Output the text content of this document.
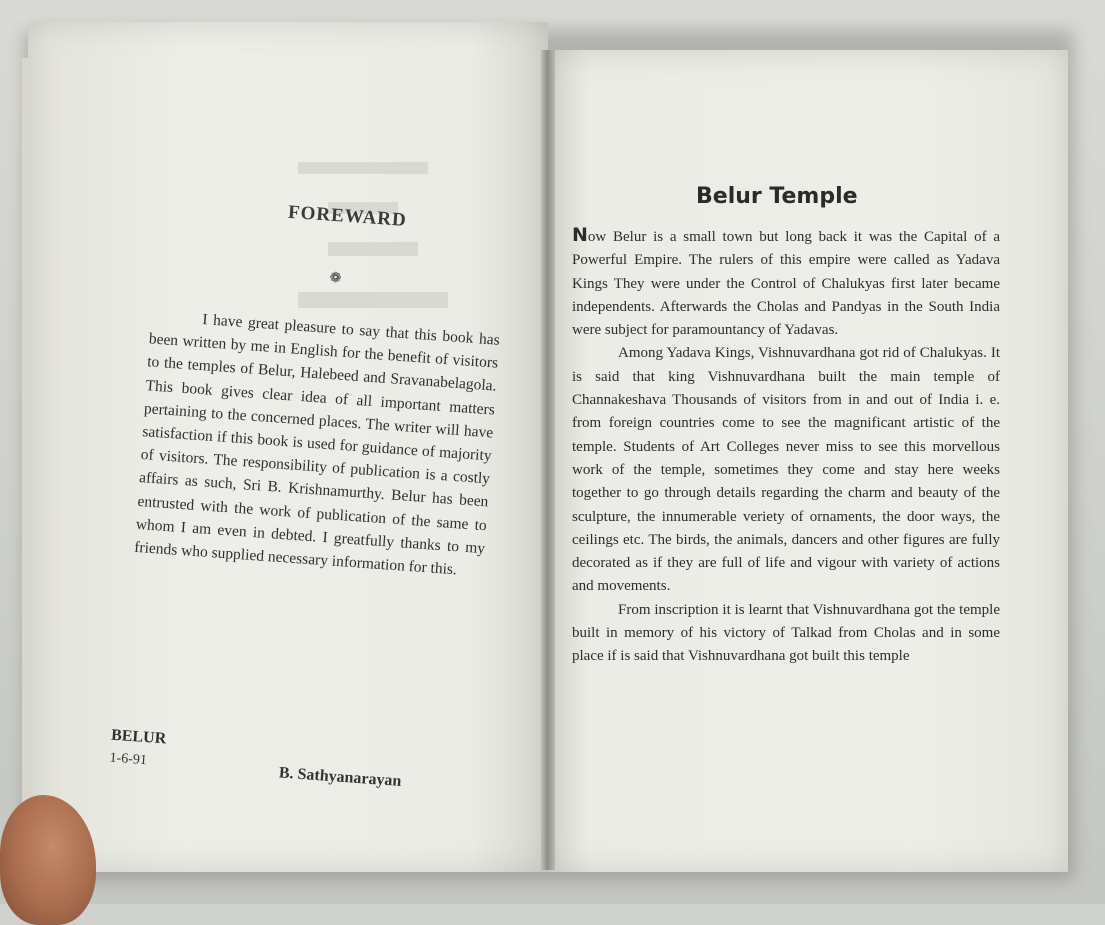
FOREWARD
❁

I have great pleasure to say that this book has been written by me in English for the benefit of visitors to the temples of Belur, Halebeed and Sravanabelagola. This book gives clear idea of all important matters pertaining to the concerned places. The writer will have satisfaction if this book is used for guidance of majority of visitors. The responsibility of publication is a costly affairs as such, Sri B. Krishnamurthy. Belur has been entrusted with the work of publication of the same to whom I am even in debted. I greatfully thanks to my friends who supplied necessary information for this.

BELUR
1-6-91
B. Sathyanarayan
Belur Temple

Now Belur is a small town but long back it was the Capital of a Powerful Empire. The rulers of this empire were called as Yadava Kings They were under the Control of Chalukyas first later became independents. Afterwards the Cholas and Pandyas in the South India were subject for paramountancy of Yadavas.

Among Yadava Kings, Vishnuvardhana got rid of Chalukyas. It is said that king Vishnuvardhana built the main temple of Channakeshava Thousands of visitors from in and out of India i. e. from foreign countries come to see the magnificant artistic of the temple. Students of Art Colleges never miss to see this morvellous work of the temple, sometimes they come and stay here weeks together to go through details regarding the charm and beauty of the sculpture, the innumerable veriety of ornaments, the door ways, the ceilings etc. The birds, the animals, dancers and other figures are fully decorated as if they are full of life and vigour with variety of actions and movements.

From inscription it is learnt that Vishnuvardhana got the temple built in memory of his victory of Talkad from Cholas and in some place if is said that Vishnuvardhana got built this temple
